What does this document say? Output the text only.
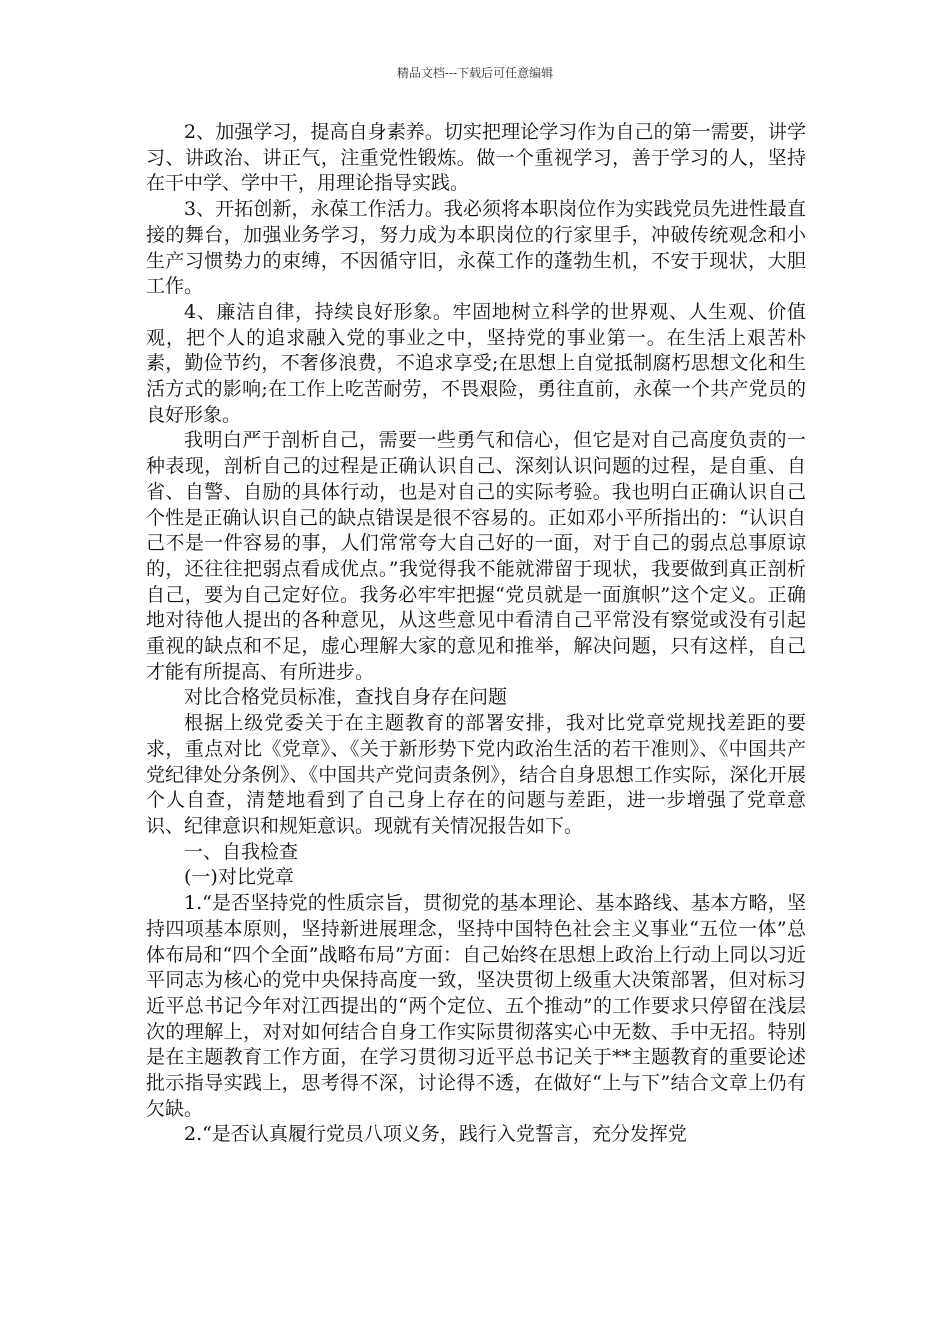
精品文档---下载后可任意编辑

2、加强学习，提高自身素养。切实把理论学习作为自己的第一需要，讲学习、讲政治、讲正气，注重党性锻炼。做一个重视学习，善于学习的人，坚持在干中学、学中干，用理论指导实践。

3、开拓创新，永葆工作活力。我必须将本职岗位作为实践党员先进性最直接的舞台，加强业务学习，努力成为本职岗位的行家里手，冲破传统观念和小生产习惯势力的束缚，不因循守旧，永葆工作的蓬勃生机，不安于现状，大胆工作。

4、廉洁自律，持续良好形象。牢固地树立科学的世界观、人生观、价值观，把个人的追求融入党的事业之中，坚持党的事业第一。在生活上艰苦朴素，勤俭节约，不奢侈浪费，不追求享受;在思想上自觉抵制腐朽思想文化和生活方式的影响;在工作上吃苦耐劳，不畏艰险，勇往直前，永葆一个共产党员的良好形象。

我明白严于剖析自己，需要一些勇气和信心，但它是对自己高度负责的一种表现，剖析自己的过程是正确认识自己、深刻认识问题的过程，是自重、自省、自警、自励的具体行动，也是对自己的实际考验。我也明白正确认识自己个性是正确认识自己的缺点错误是很不容易的。正如邓小平所指出的：“认识自己不是一件容易的事，人们常常夸大自己好的一面，对于自己的弱点总事原谅的，还往往把弱点看成优点。”我觉得我不能就滞留于现状，我要做到真正剖析自己，要为自己定好位。我务必牢牢把握“党员就是一面旗帜”这个定义。正确地对待他人提出的各种意见，从这些意见中看清自己平常没有察觉或没有引起重视的缺点和不足，虚心理解大家的意见和推举，解决问题，只有这样，自己才能有所提高、有所进步。

对比合格党员标准，查找自身存在问题

根据上级党委关于在主题教育的部署安排，我对比党章党规找差距的要求，重点对比《党章》、《关于新形势下党内政治生活的若干准则》、《中国共产党纪律处分条例》、《中国共产党问责条例》，结合自身思想工作实际，深化开展个人自查，清楚地看到了自己身上存在的问题与差距，进一步增强了党章意识、纪律意识和规矩意识。现就有关情况报告如下。

一、自我检查

(一)对比党章

1.“是否坚持党的性质宗旨，贯彻党的基本理论、基本路线、基本方略，坚持四项基本原则，坚持新进展理念，坚持中国特色社会主义事业“五位一体”总体布局和“四个全面”战略布局”方面：自己始终在思想上政治上行动上同以习近平同志为核心的党中央保持高度一致，坚决贯彻上级重大决策部署，但对标习近平总书记今年对江西提出的“两个定位、五个推动”的工作要求只停留在浅层次的理解上，对对如何结合自身工作实际贯彻落实心中无数、手中无招。特别是在主题教育工作方面，在学习贯彻习近平总书记关于**主题教育的重要论述批示指导实践上，思考得不深，讨论得不透，在做好“上与下”结合文章上仍有欠缺。

2.“是否认真履行党员八项义务，践行入党誓言，充分发挥党
